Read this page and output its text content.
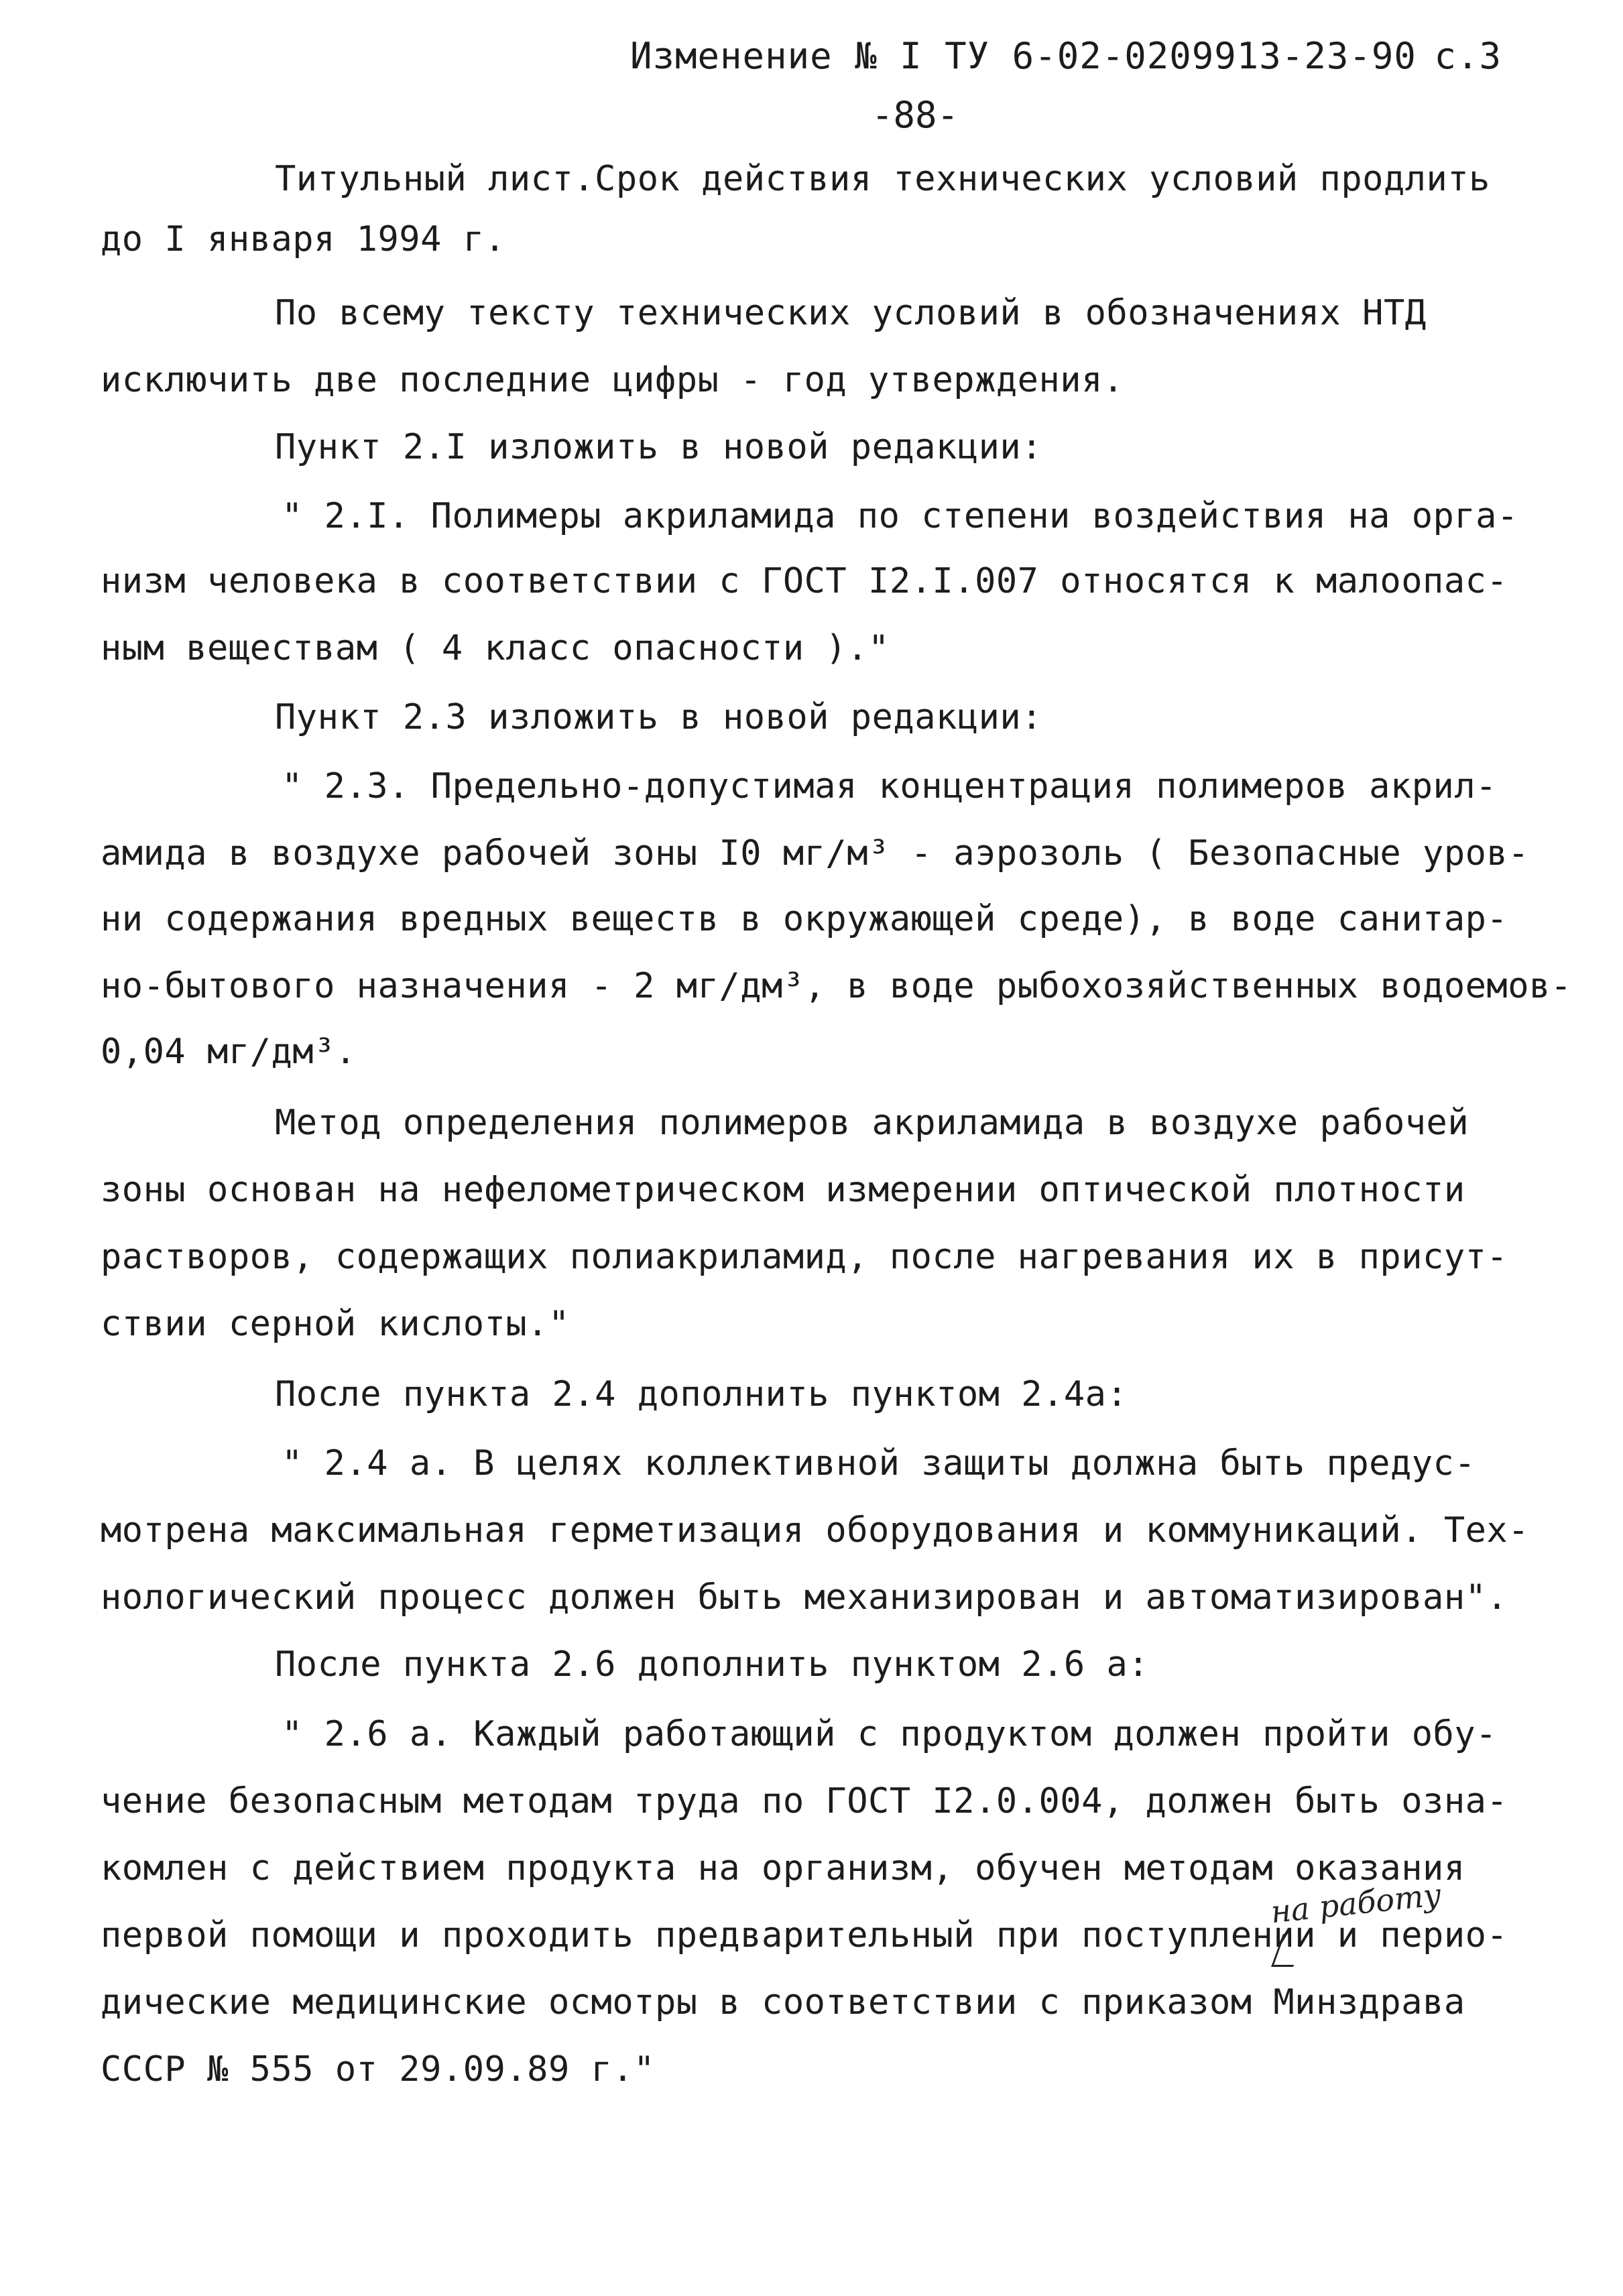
Изменение № I ТУ 6-02-0209913-23-90 с.3
-88-
Титульный лист.Срок действия технических условий продлить
до I января 1994 г.
По всему тексту технических условий в обозначениях НТД
исключить две последние цифры - год утверждения.
Пункт 2.I изложить в новой редакции:
" 2.I. Полимеры акриламида по степени воздействия на орга-
низм человека в соответствии с ГОСТ I2.I.007 относятся к малоопас-
ным веществам ( 4 класс опасности )."
Пункт 2.3 изложить в новой редакции:
" 2.3. Предельно-допустимая концентрация полимеров акрил-
амида в воздухе рабочей зоны I0 мг/м³ - аэрозоль ( Безопасные уров-
ни содержания вредных веществ в окружающей среде), в воде санитар-
но-бытового назначения - 2 мг/дм³, в воде рыбохозяйственных водоемов-
0,04 мг/дм³.
Метод определения полимеров акриламида в воздухе рабочей
зоны основан на нефелометрическом измерении оптической плотности
растворов, содержащих полиакриламид, после нагревания их в присут-
ствии серной кислоты."
После пункта 2.4 дополнить пунктом 2.4а:
" 2.4 а. В целях коллективной защиты должна быть предус-
мотрена максимальная герметизация оборудования и коммуникаций. Тех-
нологический процесс должен быть механизирован и автоматизирован".
После пункта 2.6 дополнить пунктом 2.6 а:
" 2.6 а. Каждый работающий с продуктом должен пройти обу-
чение безопасным методам труда по ГОСТ I2.0.004, должен быть озна-
комлен с действием продукта на организм, обучен методам оказания
первой помощи и проходить предварительный при поступлении и перио-
дические медицинские осмотры в соответствии с приказом Минздрава
СССР № 555 от 29.09.89 г."
на работу
